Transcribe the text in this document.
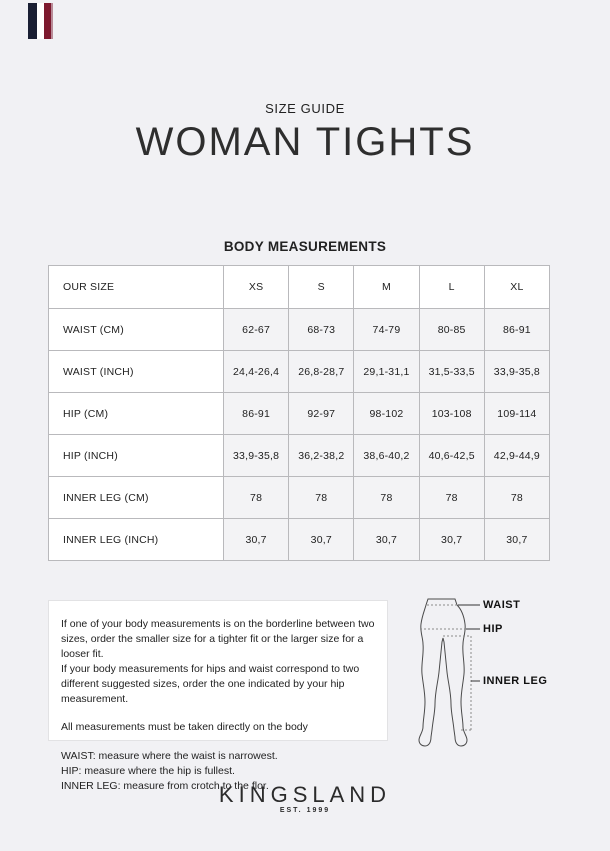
SIZE GUIDE
WOMAN TIGHTS
BODY MEASUREMENTS
OUR SIZE	XS	S	M	L	XL
WAIST (CM)	62-67	68-73	74-79	80-85	86-91
WAIST (INCH)	24,4-26,4	26,8-28,7	29,1-31,1	31,5-33,5	33,9-35,8
HIP (CM)	86-91	92-97	98-102	103-108	109-114
HIP (INCH)	33,9-35,8	36,2-38,2	38,6-40,2	40,6-42,5	42,9-44,9
INNER LEG (CM)	78	78	78	78	78
INNER LEG (INCH)	30,7	30,7	30,7	30,7	30,7
If one of your body measurements is on the borderline between two sizes, order the smaller size for a tighter fit or the larger size for a looser fit.
If your body measurements for hips and waist correspond to two different suggested sizes, order the one indicated by your hip measurement.
All measurements must be taken directly on the body
WAIST: measure where the waist is narrowest.
HIP: measure where the hip is fullest.
INNER LEG: measure from crotch to the flor.
WAIST
HIP
INNER LEG
KINGSLAND
EST. 1999
